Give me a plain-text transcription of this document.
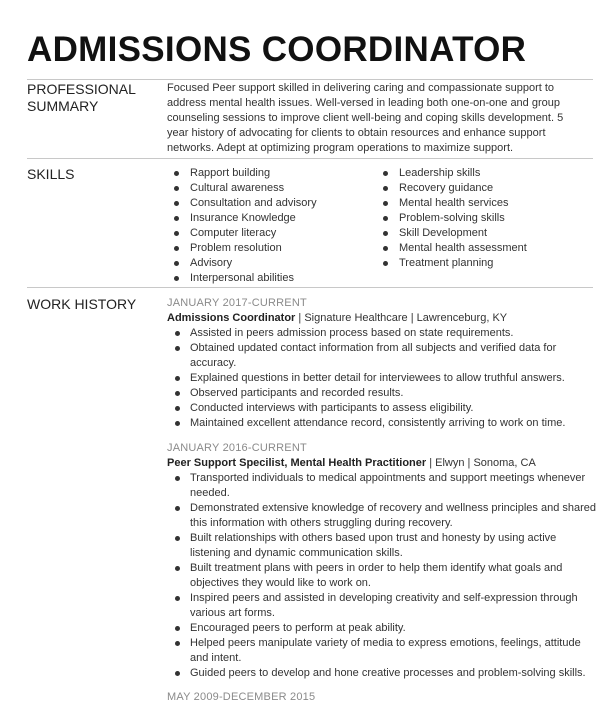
ADMISSIONS COORDINATOR
PROFESSIONAL SUMMARY
Focused Peer support skilled in delivering caring and compassionate support to address mental health issues. Well-versed in leading both one-on-one and group counseling sessions to improve client well-being and coping skills development. 5 year history of advocating for clients to obtain resources and enhance support networks. Adept at optimizing program operations to maximize support.
SKILLS	Rapport building
Cultural awareness
Consultation and advisory
Insurance Knowledge
Computer literacy
Problem resolution
Advisory
Interpersonal abilities
Leadership skills
Recovery guidance
Mental health services
Problem-solving skills
Skill Development
Mental health assessment
Treatment planning
WORK HISTORY	JANUARY 2017-CURRENT
Admissions Coordinator | Signature Healthcare | Lawrenceburg, KY
Assisted in peers admission process based on state requirements.
Obtained updated contact information from all subjects and verified data for accuracy.
Explained questions in better detail for interviewees to allow truthful answers.
Observed participants and recorded results.
Conducted interviews with participants to assess eligibility.
Maintained excellent attendance record, consistently arriving to work on time.
JANUARY 2016-CURRENT
Peer Support Specilist, Mental Health Practitioner | Elwyn | Sonoma, CA
Transported individuals to medical appointments and support meetings whenever needed.
Demonstrated extensive knowledge of recovery and wellness principles and shared this information with others struggling during recovery.
Built relationships with others based upon trust and honesty by using active listening and dynamic communication skills.
Built treatment plans with peers in order to help them identify what goals and objectives they would like to work on.
Inspired peers and assisted in developing creativity and self-expression through various art forms.
Encouraged peers to perform at peak ability.
Helped peers manipulate variety of media to express emotions, feelings, attitude and intent.
Guided peers to develop and hone creative processes and problem-solving skills.
MAY 2009-DECEMBER 2015
